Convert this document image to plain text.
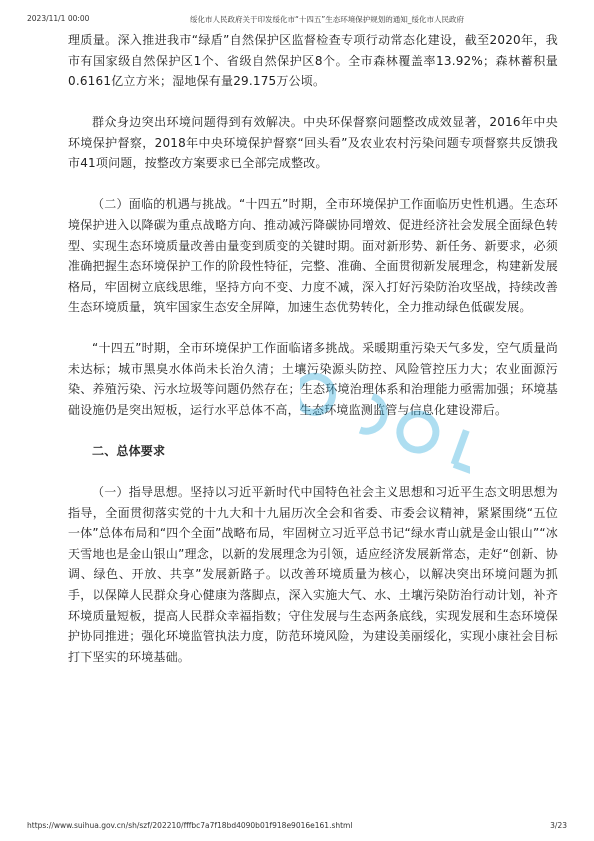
2023/11/1 00:00	绥化市人民政府关于印发绥化市“十四五”生态环境保护规划的通知_绥化市人民政府

理质量。深入推进我市“绿盾”自然保护区监督检查专项行动常态化建设，截至2020年，我市有国家级自然保护区1个、省级自然保护区8个。全市森林覆盖率13.92%；森林蓄积量0.6161亿立方米；湿地保有量29.175万公顷。

群众身边突出环境问题得到有效解决。中央环保督察问题整改成效显著，2016年中央环境保护督察，2018年中央环境保护督察“回头看”及农业农村污染问题专项督察共反馈我市41项问题，按整改方案要求已全部完成整改。

（二）面临的机遇与挑战。“十四五”时期，全市环境保护工作面临历史性机遇。生态环境保护进入以降碳为重点战略方向、推动减污降碳协同增效、促进经济社会发展全面绿色转型、实现生态环境质量改善由量变到质变的关键时期。面对新形势、新任务、新要求，必须准确把握生态环境保护工作的阶段性特征，完整、准确、全面贯彻新发展理念，构建新发展格局，牢固树立底线思维，坚持方向不变、力度不减，深入打好污染防治攻坚战，持续改善生态环境质量，筑牢国家生态安全屏障，加速生态优势转化，全力推动绿色低碳发展。

“十四五”时期，全市环境保护工作面临诸多挑战。采暖期重污染天气多发，空气质量尚未达标；城市黑臭水体尚未长治久清；土壤污染源头防控、风险管控压力大；农业面源污染、养殖污染、污水垃圾等问题仍然存在；生态环境治理体系和治理能力亟需加强；环境基础设施仍是突出短板，运行水平总体不高，生态环境监测监管与信息化建设滞后。

二、总体要求

（一）指导思想。坚持以习近平新时代中国特色社会主义思想和习近平生态文明思想为指导，全面贯彻落实党的十九大和十九届历次全会和省委、市委会议精神，紧紧围绕“五位一体”总体布局和“四个全面”战略布局，牢固树立习近平总书记“绿水青山就是金山银山”“冰天雪地也是金山银山”理念，以新的发展理念为引领，适应经济发展新常态，走好“创新、协调、绿色、开放、共享”发展新路子。以改善环境质量为核心，以解决突出环境问题为抓手，以保障人民群众身心健康为落脚点，深入实施大气、水、土壤污染防治行动计划，补齐环境质量短板，提高人民群众幸福指数；守住发展与生态两条底线，实现发展和生态环境保护协同推进；强化环境监管执法力度，防范环境风险，为建设美丽绥化，实现小康社会目标打下坚实的环境基础。

https://www.suihua.gov.cn/sh/szf/202210/fffbc7a7f18bd4090b01f918e9016e161.shtml	3/23
